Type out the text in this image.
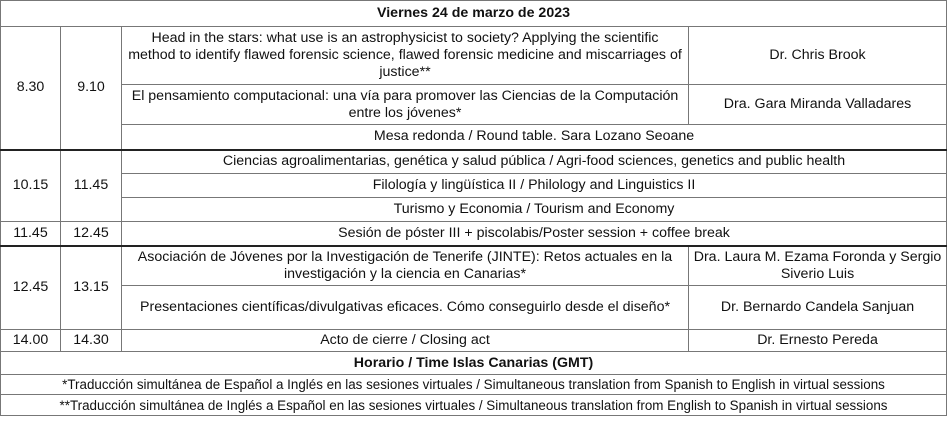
Viernes 24 de marzo de 2023			
8.30	9.10	Head in the stars: what use is an astrophysicist to society? Applying the scientific method to identify flawed forensic science, flawed forensic medicine and miscarriages of justice**	Dr. Chris Brook
		El pensamiento computacional: una vía para promover las Ciencias de la Computación entre los jóvenes*	Dra. Gara Miranda Valladares
		Mesa redonda / Round table. Sara Lozano Seoane	
10.15	11.45	Ciencias agroalimentarias, genética y salud pública / Agri-food sciences, genetics and public health	
		Filología y lingüística II / Philology and Linguistics II	
		Turismo y Economia / Tourism and Economy	
11.45	12.45	Sesión de póster III + piscolabis/Poster session + coffee break	
12.45	13.15	Asociación de Jóvenes por la Investigación de Tenerife (JINTE): Retos actuales en la investigación y la ciencia en Canarias*	Dra. Laura M. Ezama Foronda y Sergio Siverio Luis
		Presentaciones científicas/divulgativas eficaces. Cómo conseguirlo desde el diseño*	Dr. Bernardo Candela Sanjuan
14.00	14.30	Acto de cierre / Closing act	Dr. Ernesto Pereda
Horario / Time Islas Canarias (GMT)			
*Traducción simultánea de Español a Inglés en las sesiones virtuales / Simultaneous translation from Spanish to English in virtual sessions			
**Traducción simultánea de Inglés a Español en las sesiones virtuales / Simultaneous translation from English to Spanish in virtual sessions			
